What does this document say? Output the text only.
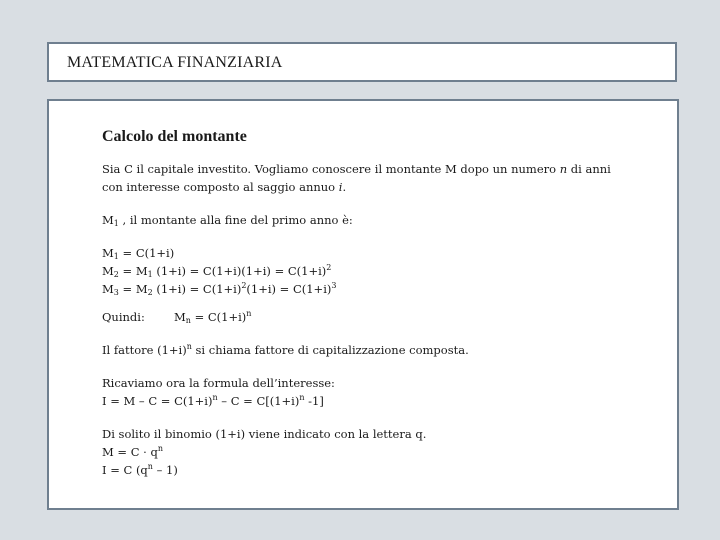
MATEMATICA FINANZIARIA
Calcolo del montante

Sia C il capitale investito. Vogliamo conoscere il montante M dopo un numero n di anni con interesse composto al saggio annuo i.

$M_1$ , il montante alla fine del primo anno è:

$M_1 = C(1+i)$

$M_2 = M_1$ $(1+i) = C(1+i)(1+i) = C(1+i)^2$

$M_3 = M_2$ $(1+i) = C(1+i)^2(1+i) = C(1+i)^3$

Quindi:	$M_n = C(1+i)^n$

Il fattore $(1+i)^n$ si chiama fattore di capitalizzazione composta.

Ricaviamo ora la formula dell’interesse:

$I = M - C = C(1+i)^n - C = C[(1+i)^n$ -1]

Di solito il binomio (1+i) viene indicato con la lettera q.

$M = C \cdot q^n$

I = C $(q^n - 1)$
